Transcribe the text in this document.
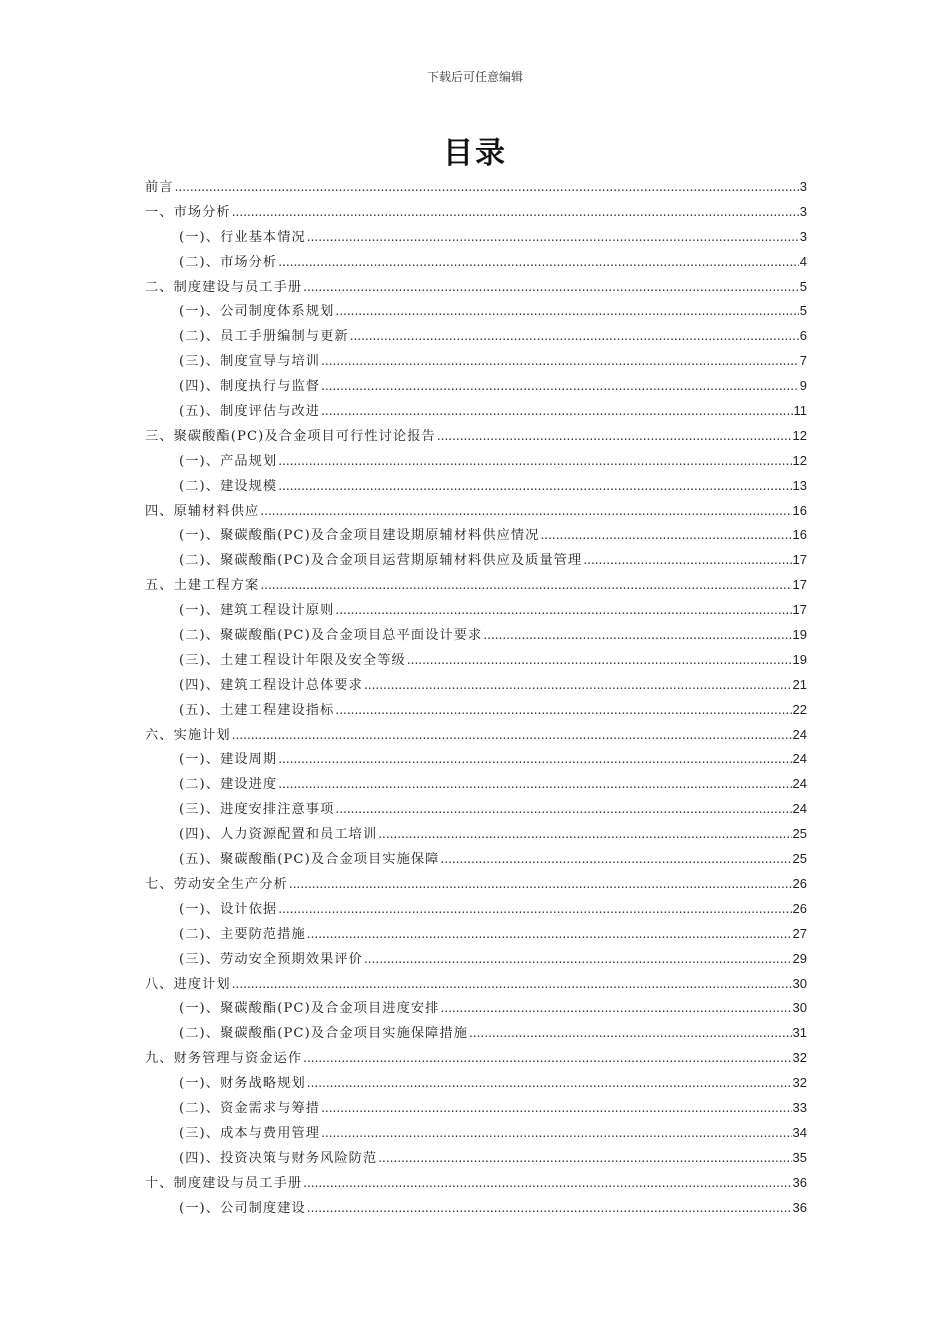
下载后可任意编辑
目录
前言 .....	3
一、市场分析 .....	3
(一)、行业基本情况 .....	3
(二)、市场分析 .....	4
二、制度建设与员工手册 .....	5
(一)、公司制度体系规划 .....	5
(二)、员工手册编制与更新 .....	6
(三)、制度宣导与培训 .....	7
(四)、制度执行与监督 .....	9
(五)、制度评估与改进 .....	11
三、聚碳酸酯(PC)及合金项目可行性讨论报告 .....	12
(一)、产品规划 .....	12
(二)、建设规模 .....	13
四、原辅材料供应 .....	16
(一)、聚碳酸酯(PC)及合金项目建设期原辅材料供应情况 .....	16
(二)、聚碳酸酯(PC)及合金项目运营期原辅材料供应及质量管理 .....	17
五、土建工程方案 .....	17
(一)、建筑工程设计原则 .....	17
(二)、聚碳酸酯(PC)及合金项目总平面设计要求 .....	19
(三)、土建工程设计年限及安全等级 .....	19
(四)、建筑工程设计总体要求 .....	21
(五)、土建工程建设指标 .....	22
六、实施计划 .....	24
(一)、建设周期 .....	24
(二)、建设进度 .....	24
(三)、进度安排注意事项 .....	24
(四)、人力资源配置和员工培训 .....	25
(五)、聚碳酸酯(PC)及合金项目实施保障 .....	25
七、劳动安全生产分析 .....	26
(一)、设计依据 .....	26
(二)、主要防范措施 .....	27
(三)、劳动安全预期效果评价 .....	29
八、进度计划 .....	30
(一)、聚碳酸酯(PC)及合金项目进度安排 .....	30
(二)、聚碳酸酯(PC)及合金项目实施保障措施 .....	31
九、财务管理与资金运作 .....	32
(一)、财务战略规划 .....	32
(二)、资金需求与筹措 .....	33
(三)、成本与费用管理 .....	34
(四)、投资决策与财务风险防范 .....	35
十、制度建设与员工手册 .....	36
(一)、公司制度建设 .....	36
